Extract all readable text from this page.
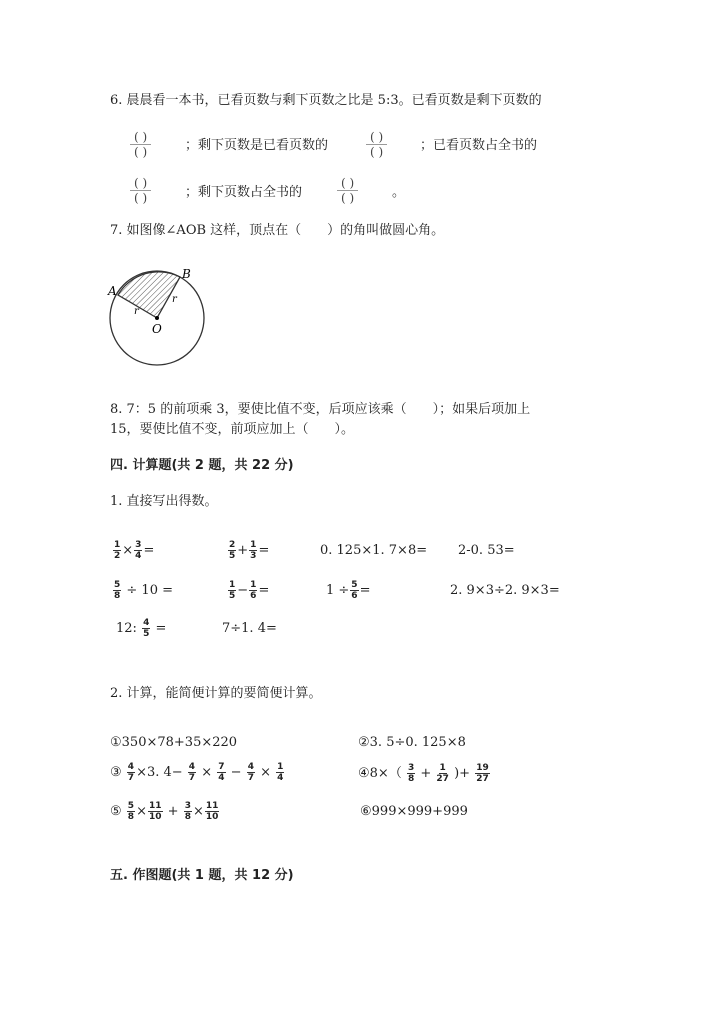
6. 晨晨看一本书，已看页数与剩下页数之比是 5:3。已看页数是剩下页数的
( )
( )	；剩下页数是已看页数的
( )
( )	；已看页数占全书的
( )
( )	；剩下页数占全书的
( )
( )	。
7. 如图像∠AOB 这样，顶点在（　　）的角叫做圆心角。
A
B
O
r
r
8. 7：5 的前项乘 3，要使比值不变，后项应该乘（　　）；如果后项加上
15，要使比值不变，前项应加上（　　）。
四. 计算题(共 2 题，共 22 分)
1. 直接写出得数。
$\frac{1}{2} \times \frac{3}{4}$ =	$\frac{2}{5} + \frac{1}{3}$ =	0. 125×1. 7×8= 2-0. 53=
$\frac{5}{8} \div 10$ =	$\frac{1}{5} - \frac{1}{6}$ =	$1 \div \frac{5}{6}$ =	2. 9×3÷2. 9×3=
12: $\frac{4}{5}$ =	7÷1. 4=
2. 计算，能简便计算的要简便计算。
①350×78+35×220	②3. 5÷0. 125×8
③ $\frac{4}{7} \times 3$. $4- \frac{4}{7} \times \frac{7}{4} - \frac{4}{7} \times \frac{1}{4}$	④8×（ $\frac{3}{8} + \frac{1}{27}$ )+ $\frac{19}{27}$
⑤ $\frac{5}{8} \times \frac{11}{10} + \frac{3}{8} \times \frac{11}{10}$	⑥999×999+999
五. 作图题(共 1 题，共 12 分)
